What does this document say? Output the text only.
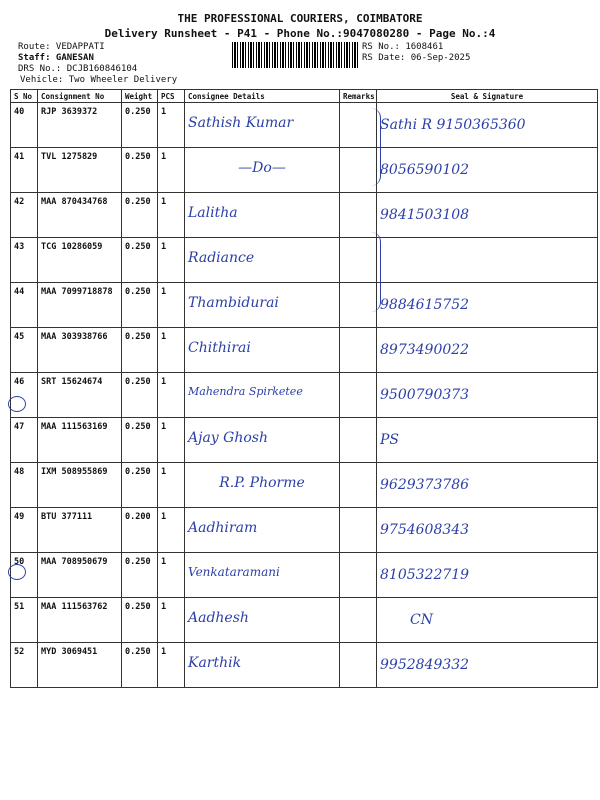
THE PROFESSIONAL COURIERS, COIMBATORE
Delivery Runsheet - P41 - Phone No.:9047080280 - Page No.:4
Route: VEDAPPATI
Staff: GANESAN
DRS No.: DCJB160846104
Vehicle: Two Wheeler Delivery
RS No.: 1608461
RS Date: 06-Sep-2025
S No	Consignment No	Weight	PCS	Consignee Details	Remarks	Seal & Signature
40	RJP 3639372	0.250	1	Sathish Kumar		Sathi R 9150365360

41	TVL 1275829	0.250	1	—Do—		8056590102

42	MAA 870434768	0.250	1	Lalitha		9841503108

43	TCG 10286059	0.250	1	Radiance		

44	MAA 7099718878	0.250	1	Thambidurai		9884615752

45	MAA 303938766	0.250	1	Chithirai		8973490022

46	SRT 15624674	0.250	1	Mahendra Spirketee		9500790373

47	MAA 111563169	0.250	1	Ajay Ghosh		PS

48	IXM 508955869	0.250	1	R.P. Phorme		9629373786

49	BTU 377111	0.200	1	Aadhiram		9754608343

50	MAA 708950679	0.250	1	Venkataramani		8105322719

51	MAA 111563762	0.250	1	Aadhesh		CN

52	MYD 3069451	0.250	1	Karthik		9952849332
